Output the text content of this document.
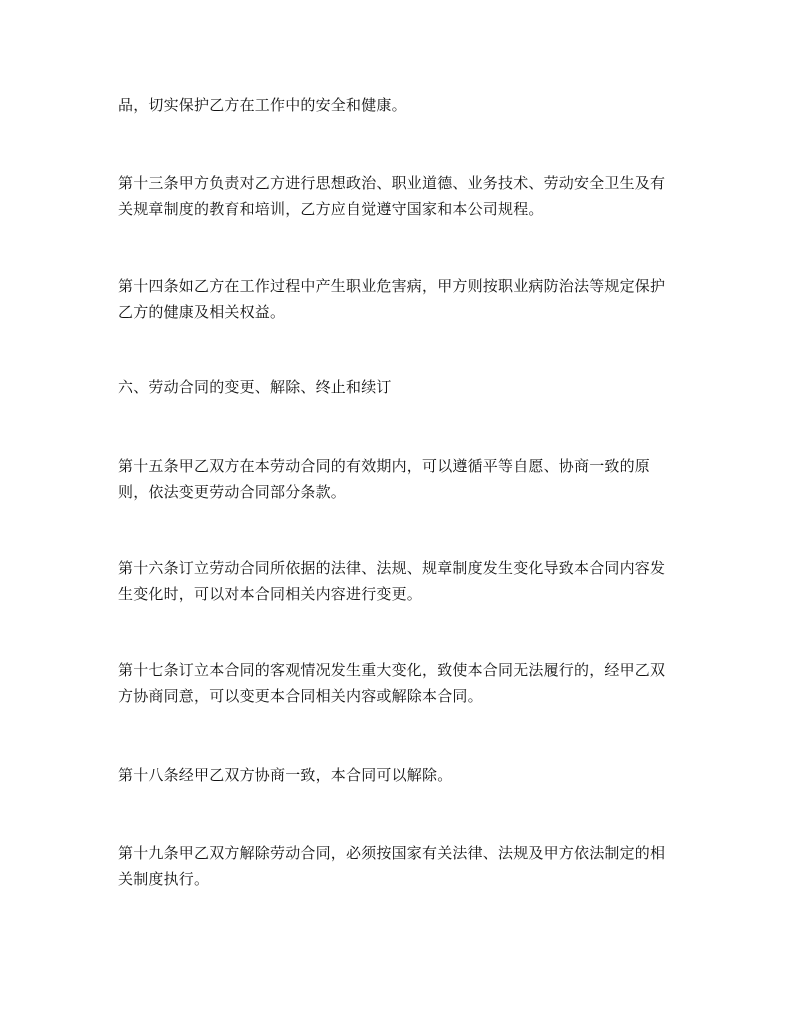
品，切实保护乙方在工作中的安全和健康。

第十三条甲方负责对乙方进行思想政治、职业道德、业务技术、劳动安全卫生及有
关规章制度的教育和培训，乙方应自觉遵守国家和本公司规程。

第十四条如乙方在工作过程中产生职业危害病，甲方则按职业病防治法等规定保护
乙方的健康及相关权益。

六、劳动合同的变更、解除、终止和续订

第十五条甲乙双方在本劳动合同的有效期内，可以遵循平等自愿、协商一致的原
则，依法变更劳动合同部分条款。

第十六条订立劳动合同所依据的法律、法规、规章制度发生变化导致本合同内容发
生变化时，可以对本合同相关内容进行变更。

第十七条订立本合同的客观情况发生重大变化，致使本合同无法履行的，经甲乙双
方协商同意，可以变更本合同相关内容或解除本合同。

第十八条经甲乙双方协商一致，本合同可以解除。

第十九条甲乙双方解除劳动合同，必须按国家有关法律、法规及甲方依法制定的相
关制度执行。
